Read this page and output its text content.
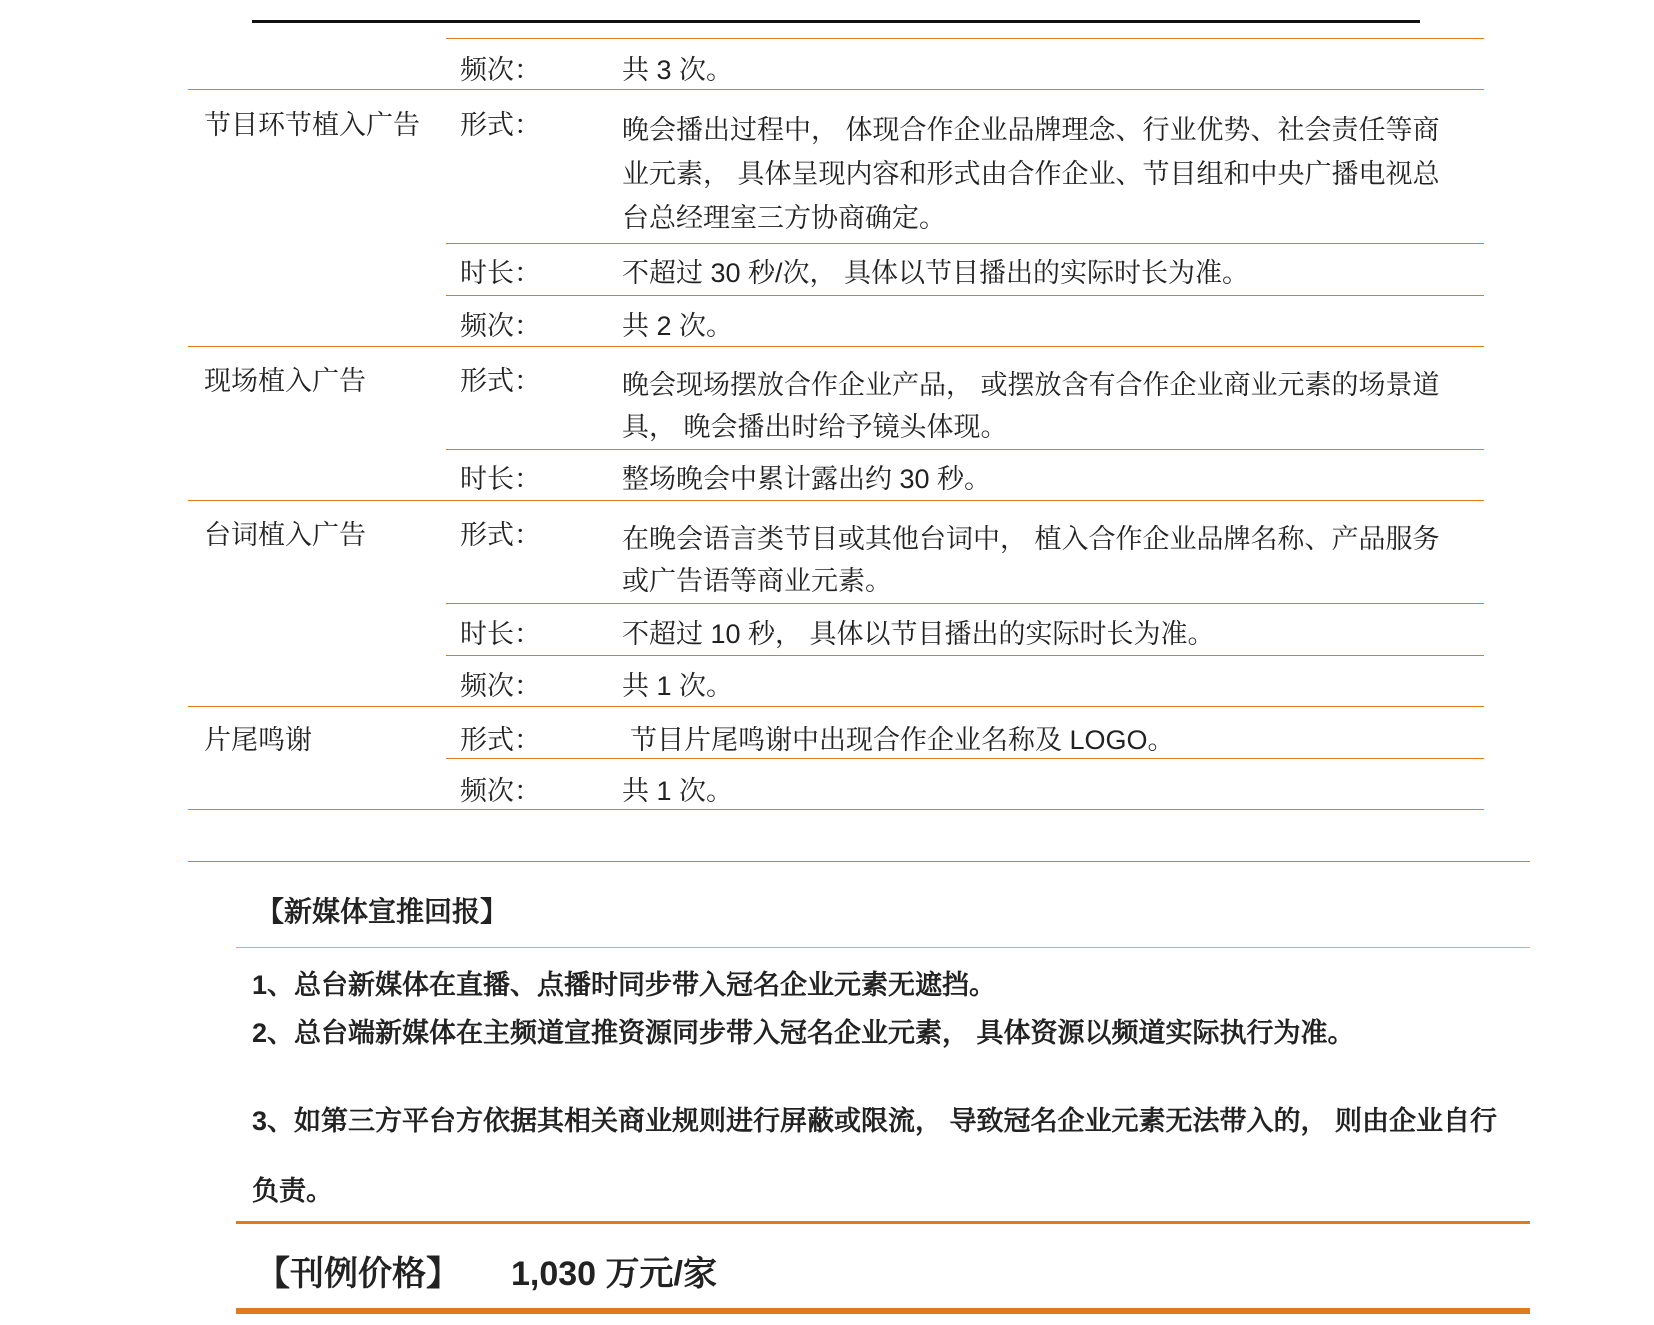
频次：	共 3 次。
节目环节植入广告 形式：	晚会播出过程中， 体现合作企业品牌理念、行业优势、社会责任等商业元素， 具体呈现内容和形式由合作企业、节目组和中央广播电视总台总经理室三方协商确定。
时长：	不超过 30 秒/次， 具体以节目播出的实际时长为准。
频次：	共 2 次。
现场植入广告	形式：	晚会现场摆放合作企业产品， 或摆放含有合作企业商业元素的场景道具， 晚会播出时给予镜头体现。
时长：	整场晚会中累计露出约 30 秒。
台词植入广告	形式：	在晚会语言类节目或其他台词中， 植入合作企业品牌名称、产品服务或广告语等商业元素。
时长：	不超过 10 秒， 具体以节目播出的实际时长为准。
频次：	共 1 次。
片尾鸣谢	形式：	节目片尾鸣谢中出现合作企业名称及 LOGO。
频次：	共 1 次。
【新媒体宣推回报】
1、总台新媒体在直播、点播时同步带入冠名企业元素无遮挡。
2、总台端新媒体在主频道宣推资源同步带入冠名企业元素， 具体资源以频道实际执行为准。
3、如第三方平台方依据其相关商业规则进行屏蔽或限流， 导致冠名企业元素无法带入的， 则由企业自行负责。
【刊例价格】 1,030 万元/家
